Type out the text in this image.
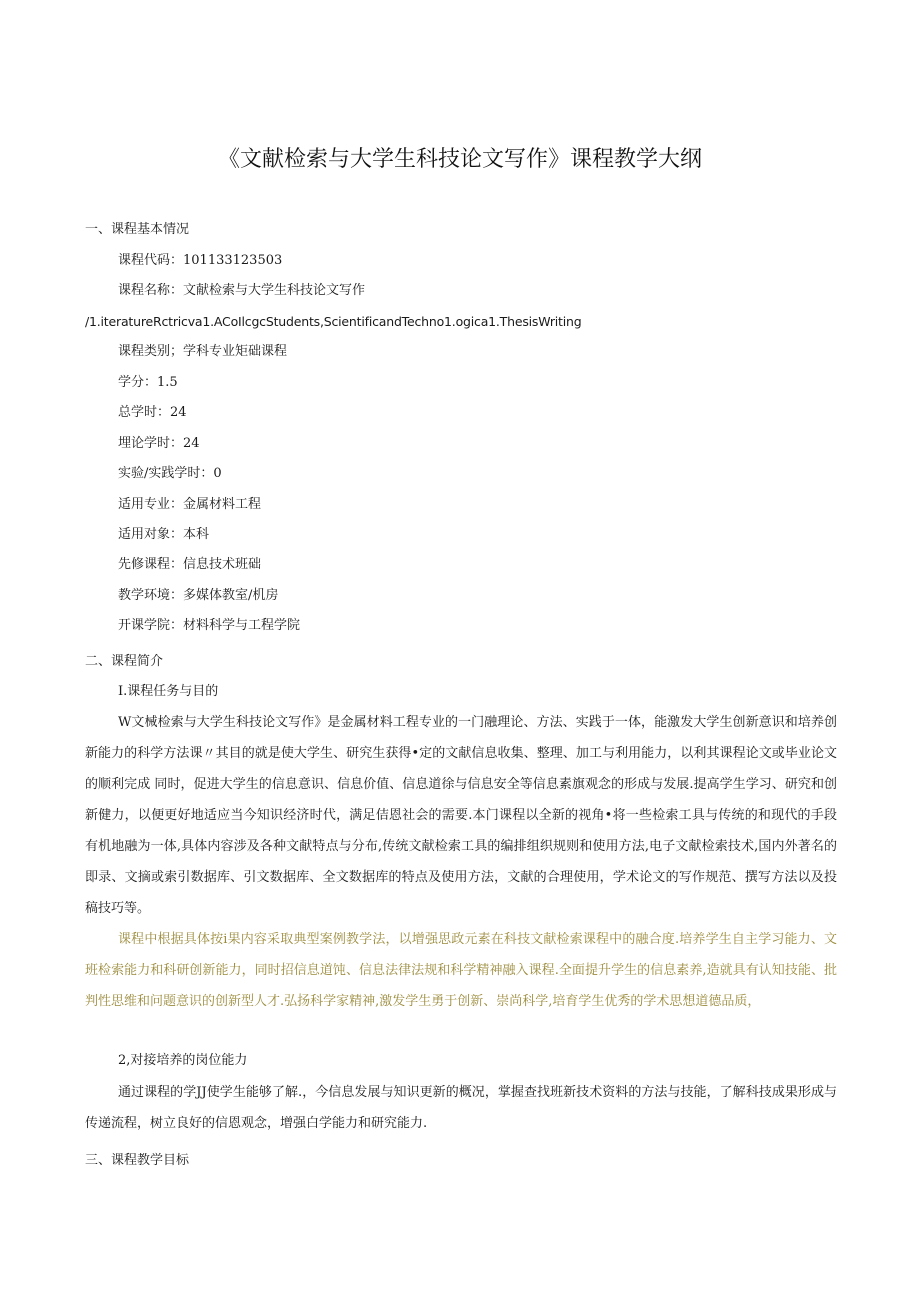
《文献检索与大学生科技论文写作》课程教学大纲
一、课程基本情况
课程代码：101133123503
课程名称：文献检索与大学生科技论文写作
/1.iteratureRctricva1.ACoIlcgcStudents,ScientificandTechno1.ogica1.ThesisWriting
课程类别；学科专业矩础课程
学分：1.5
总学时：24
埋论学时：24
实验/实践学时：0
适用专业：金属材料工程
适用对象：本科
先修课程：信息技术班础
教学环境：多媒体教室/机房
开课学院：材料科学与工程学院
二、课程简介
I.课程任务与目的

W文械检索与大学生科技论文写作》是金属材料工程专业的一门融理论、方法、实践于一体，能激发大学生创新意识和培养创新能力的科学方法课〃其目的就是使大学生、研究生获得•定的文献信息收集、整理、加工与利用能力，以利其课程论文或毕业论文的顺利完成 同时，促进大学生的信息意识、信息价值、信息道徐与信息安全等信息素旗观念的形成与发展.提高学生学习、研究和创新健力，以便更好地适应当今知识经济时代，满足佶恩社会的需要.本门课程以全新的视角•将一些检索工具与传统的和现代的手段有机地融为一体,具体内容涉及各种文献特点与分布,传统文献检索工具的编排组织规则和使用方法,电子文献检索技术,国内外著名的即录、文摘或索引数据库、引文数据库、全文数据库的特点及使用方法，文献的合理使用，学术论文的写作规范、撰写方法以及投稿技巧等。

课程中根据具体按i果内容采取典型案例教学法，以增强思政元素在科技文献检索课程中的融合度.培养学生自主学习能力、文班检索能力和科研创新能力，同时招信息道饨、信息法律法规和科学精神融入课程.全面提升学生的信息素养,造就具有认知技能、批判性思维和问题意识的创新型人才.弘扬科学家精神,激发学生勇于创新、崇尚科学,培育学生优秀的学术思想道德品质，

2,对接培养的岗位能力

通过课程的学JJ使学生能够了解.，今信息发展与知识更新的概况，掌握查找班新技术资料的方法与技能，了解科技成果形成与传递流程，树立良好的信恩观念，增强白学能力和研究能力.

三、课程教学目标
